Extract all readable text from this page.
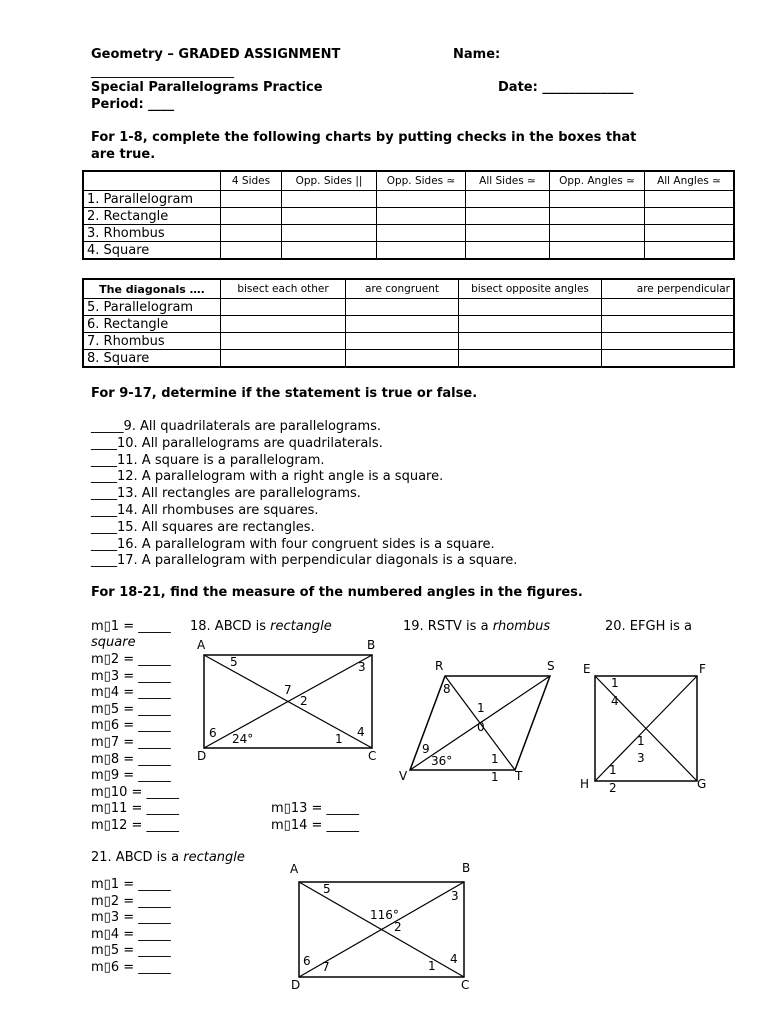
Geometry – GRADED ASSIGNMENT	Name:
______________________
Special Parallelograms Practice	Date: ______________
Period: ____
For 1-8, complete the following charts by putting checks in the boxes that
are true.
	4 Sides	Opp. Sides ||	Opp. Sides ≃	All Sides ≃	Opp. Angles ≃	All Angles ≃
1. Parallelogram						
2. Rectangle						
3. Rhombus						
4. Square						
The diagonals ….	bisect each other	are congruent	bisect opposite angles	are perpendicular
5. Parallelogram				
6. Rectangle				
7. Rhombus				
8. Square				
For 9-17, determine if the statement is true or false.
_____9. All quadrilaterals are parallelograms.
____10. All parallelograms are quadrilaterals.
____11. A square is a parallelogram.
____12. A parallelogram with a right angle is a square.
____13. All rectangles are parallelograms.
____14. All rhombuses are squares.
____15. All squares are rectangles.
____16. A parallelogram with four congruent sides is a square.
____17. A parallelogram with perpendicular diagonals is a square.
For 18-21, find the measure of the numbered angles in the figures.
m▯1 = _____
square
m▯2 = _____
m▯3 = _____
m▯4 = _____
m▯5 = _____
m▯6 = _____
m▯7 = _____
m▯8 = _____
m▯9 = _____
m▯10 = _____
m▯11 = _____
m▯12 = _____
m▯13 = _____
m▯14 = _____
18. ABCD is rectangle	19. RSTV is a rhombus	20. EFGH is a
A	B
C
D
5	3
7
2
6 24°	1 4
R	S
T
V
8
1
0
9
36°	1
1
E	F
G
H
1
4
1
3
1
2
21. ABCD is a rectangle
m▯1 = _____
m▯2 = _____
m▯3 = _____
m▯4 = _____
m▯5 = _____
m▯6 = _____
A	B
C
D
5	3
116°
2
6 7	1 4
